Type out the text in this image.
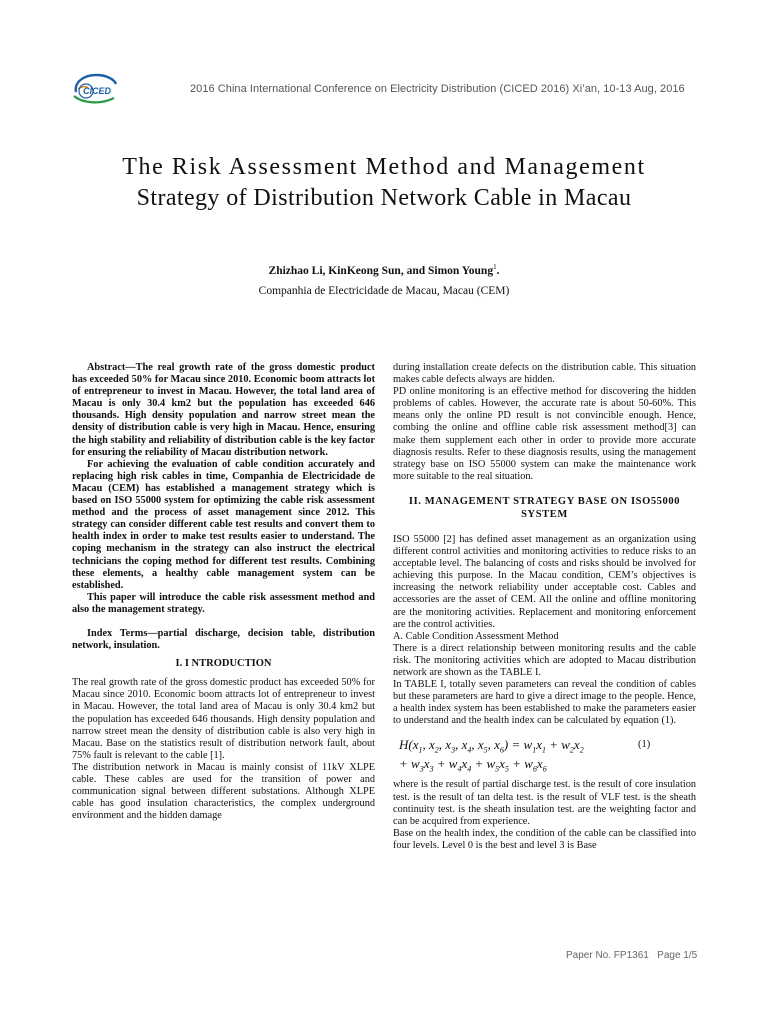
CICED	2016 China International Conference on Electricity Distribution (CICED 2016) Xi’an, 10-13 Aug, 2016
The Risk Assessment Method and Management
Strategy of Distribution Network Cable in Macau
Zhizhao Li, KinKeong Sun, and Simon Young$^1$.
Companhia de Electricidade de Macau, Macau (CEM)

Abstract—The real growth rate of the gross domestic product has exceeded 50% for Macau since 2010. Economic boom attracts lot of entrepreneur to invest in Macau. However, the total land area of Macau is only 30.4 km2 but the population has exceeded 646 thousands. High density population and narrow street mean the density of distribution cable is very high in Macau. Hence, ensuring the high stability and reliability of distribution cable is the key factor for ensuring the reliability of Macau distribution network.

For achieving the evaluation of cable condition accurately and replacing high risk cables in time, Companhia de Electricidade de Macau (CEM) has established a management strategy which is based on ISO 55000 system for optimizing the cable risk assessment method and the process of asset management since 2012. This strategy can consider different cable test results and convert them to health index in order to make test results easier to understand. The coping mechanism in the strategy can also instruct the electrical technicians the coping method for different test results. Combining these elements, a healthy cable management system can be established.

This paper will introduce the cable risk assessment method and also the management strategy.

Index Terms—partial discharge, decision table, distribution network, insulation.

I. I NTRODUCTION

The real growth rate of the gross domestic product has exceeded 50% for Macau since 2010. Economic boom attracts lot of entrepreneur to invest in Macau. However, the total land area of Macau is only 30.4 km2 but the population has exceeded 646 thousands. High density population and narrow street mean the density of distribution cable is also very high in Macau. Base on the statistics result of distribution network fault, about 75% fault is relevant to the cable [1].

The distribution network in Macau is mainly consist of 11kV XLPE cable. These cables are used for the transition of power and communication signal between different substations. Although XLPE cable has good insulation characteristics, the complex underground environment and the hidden damage

during installation create defects on the distribution cable. This situation makes cable defects always are hidden.

PD online monitoring is an effective method for discovering the hidden problems of cables. However, the accurate rate is about 50-60%. This means only the online PD result is not convincible enough. Hence, combing the online and offline cable risk assessment method[3] can make them supplement each other in order to provide more accurate diagnosis results. Refer to these diagnosis results, using the management strategy base on ISO 55000 system can make the maintenance work more suitable to the real situation.

II. MANAGEMENT STRATEGY BASE ON ISO55000 SYSTEM

ISO 55000 [2] has defined asset management as an organization using different control activities and monitoring activities to reduce risks to an acceptable level. The balancing of costs and risks should be involved for achieving this purpose. In the Macau condition, CEM’s objectives is increasing the network reliability under acceptable cost. Cables and accessories are the asset of CEM. All the online and offline monitoring are the monitoring activities. Replacement and monitoring enforcement are the control activities.

A. Cable Condition Assessment Method

There is a direct relationship between monitoring results and the cable risk. The monitoring activities which are adopted to Macau distribution network are shown as the TABLE I.

In TABLE I, totally seven parameters can reveal the condition of cables but these parameters are hard to give a direct image to the people. Hence, a health index system has been established to make the parameters easier to understand and the health index can be calculated by equation (1).

$H(x_1$, $x_2$, $x_3$, $x_4$, $x_5$, $x_6) = w_1x_1 + w_2x_2$
(1)
+ $w_3x_3 + w_4x_4 + w_5x_5 + w_6x_6$

where is the result of partial discharge test. is the result of core insulation test. is the result of tan delta test. is the result of VLF test. is the sheath continuity test. is the sheath insulation test. are the weighting factor and can be acquired from experience.

Base on the health index, the condition of the cable can be classified into four levels. Level 0 is the best and level 3 is Base

Paper No. FP1361 Page 1/5
